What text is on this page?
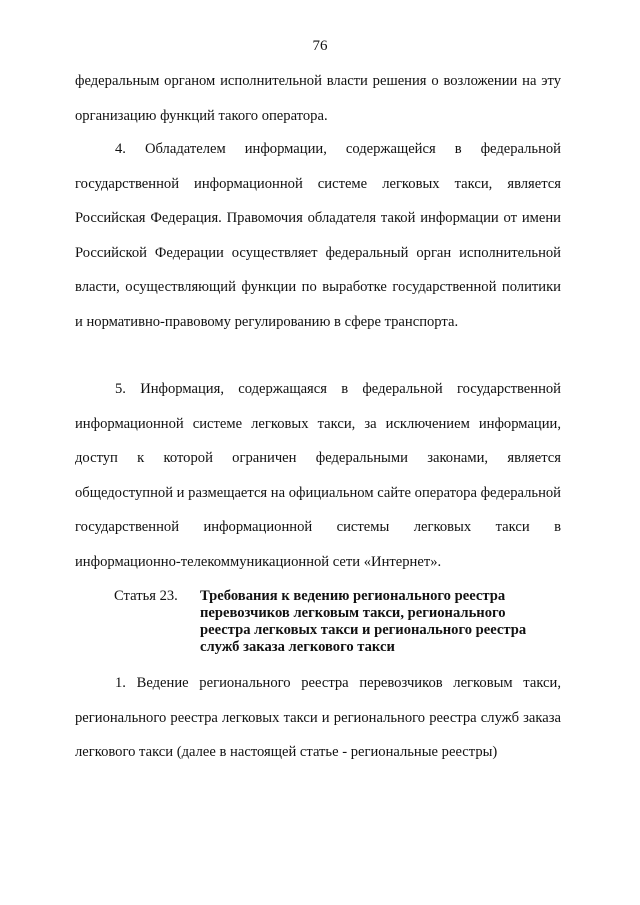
76

федеральным органом исполнительной власти решения о возложении на эту организацию функций такого оператора.

4. Обладателем информации, содержащейся в федеральной государственной информационной системе легковых такси, является Российская Федерация. Правомочия обладателя такой информации от имени Российской Федерации осуществляет федеральный орган исполнительной власти, осуществляющий функции по выработке государственной политики и нормативно-правовому регулированию в сфере транспорта.

5. Информация, содержащаяся в федеральной государственной информационной системе легковых такси, за исключением информации, доступ к которой ограничен федеральными законами, является общедоступной и размещается на официальном сайте оператора федеральной государственной информационной системы легковых такси в информационно-телекоммуникационной сети «Интернет».

Статья 23. Требования к ведению регионального реестра перевозчиков легковым такси, регионального реестра легковых такси и регионального реестра служб заказа легкового такси

1. Ведение регионального реестра перевозчиков легковым такси, регионального реестра легковых такси и регионального реестра служб заказа легкового такси (далее в настоящей статье - региональные реестры)
